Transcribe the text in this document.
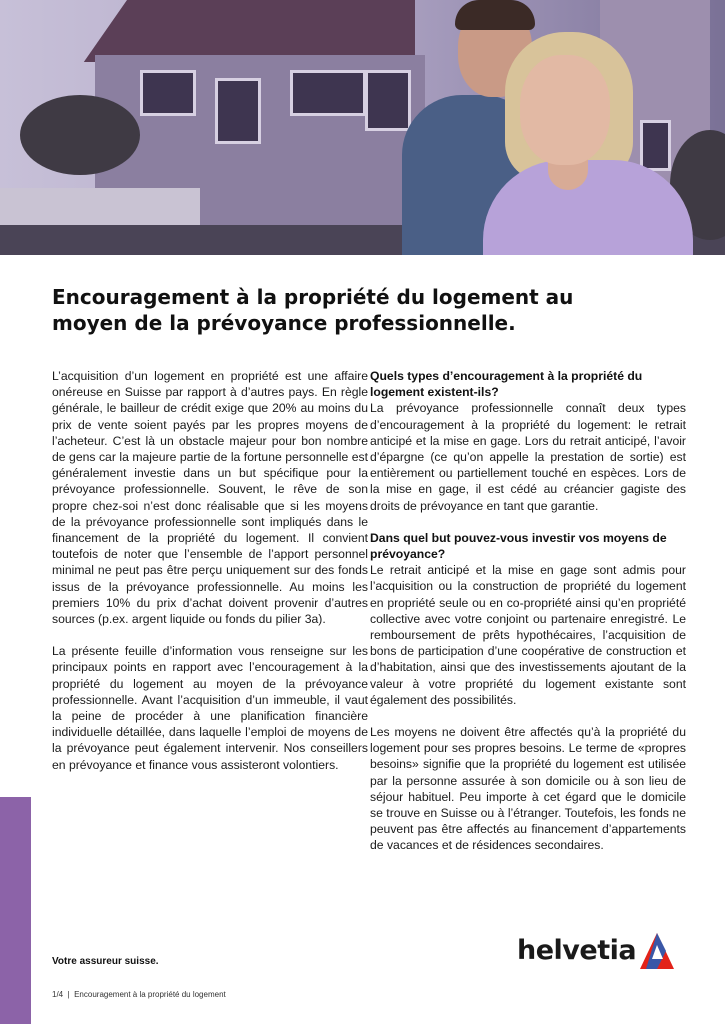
Encouragement à la propriété du logement au moyen de la prévoyance professionnelle.

L’acquisition d’un logement en propriété est une affaire onéreuse en Suisse par rapport à d’autres pays. En règle générale, le bailleur de crédit exige que 20% au moins du prix de vente soient payés par les propres moyens de l’acheteur. C’est là un obstacle majeur pour bon nombre de gens car la majeure partie de la fortune personnelle est généralement investie dans un but spécifique pour la prévoyance professionnelle. Souvent, le rêve de son propre chez-soi n’est donc réalisable que si les moyens de la prévoyance professionnelle sont impliqués dans le financement de la propriété du logement. Il convient toutefois de noter que l’ensemble de l’apport personnel minimal ne peut pas être perçu uniquement sur des fonds issus de la prévoyance professionnelle. Au moins les premiers 10% du prix d’achat doivent provenir d’autres sources (p.ex. argent liquide ou fonds du pilier 3a).

La présente feuille d’information vous renseigne sur les principaux points en rapport avec l’encouragement à la propriété du logement au moyen de la prévoyance professionnelle. Avant l’acquisition d’un immeuble, il vaut la peine de procéder à une planification financière individuelle détaillée, dans laquelle l’emploi de moyens de la prévoyance peut également intervenir. Nos conseillers en prévoyance et finance vous assisteront volontiers.

Quels types d’encouragement à la propriété du logement existent-ils?

La prévoyance professionnelle connaît deux types d’encouragement à la propriété du logement: le retrait anticipé et la mise en gage. Lors du retrait anticipé, l’avoir d’épargne (ce qu’on appelle la prestation de sortie) est entièrement ou partiellement touché en espèces. Lors de la mise en gage, il est cédé au créancier gagiste des droits de prévoyance en tant que garantie.

Dans quel but pouvez-vous investir vos moyens de prévoyance?

Le retrait anticipé et la mise en gage sont admis pour l’acquisition ou la construction de propriété du logement en propriété seule ou en co-propriété ainsi qu’en propriété collective avec votre conjoint ou partenaire enregistré. Le remboursement de prêts hypothécaires, l’acquisition de bons de participation d’une coopérative de construction et d’habitation, ainsi que des investissements ajoutant de la valeur à votre propriété du logement existante sont également des possibilités.

Les moyens ne doivent être affectés qu’à la propriété du logement pour ses propres besoins. Le terme de «propres besoins» signifie que la propriété du logement est utilisée par la personne assurée à son domicile ou à son lieu de séjour habituel. Peu importe à cet égard que le domicile se trouve en Suisse ou à l’étranger. Toutefois, les fonds ne peuvent pas être affectés au financement d’appartements de vacances et de résidences secondaires.

Votre assureur suisse.
1/4  |  Encouragement à la propriété du logement
helvetia
